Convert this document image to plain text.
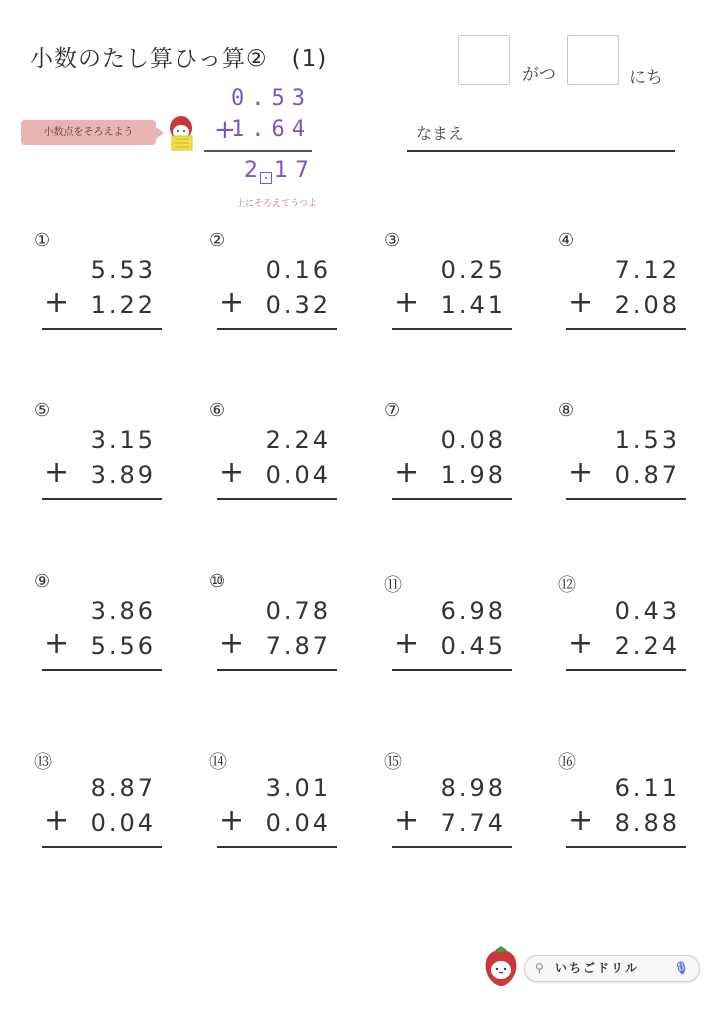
小数のたし算ひっ算②　(1)
がつ	にち
小数点をそろえよう
0.53
+
1.64
2 17
上にそろえてうつよ
なまえ
①
5.53
+ 1.22
②
0.16
+ 0.32
③
0.25
+ 1.41
④
7.12
+ 2.08
⑤
3.15
+ 3.89
⑥
2.24
+ 0.04
⑦
0.08
+ 1.98
⑧
1.53
+ 0.87
⑨
3.86
+ 5.56
⑩
0.78
+ 7.87
⑪
6.98
+ 0.45
⑫
0.43
+ 2.24
⑬
8.87
+ 0.04
⑭
3.01
+ 0.04
⑮
8.98
+ 7.74
⑯
6.11
+ 8.88
⚲ いちごドリル	🎙
